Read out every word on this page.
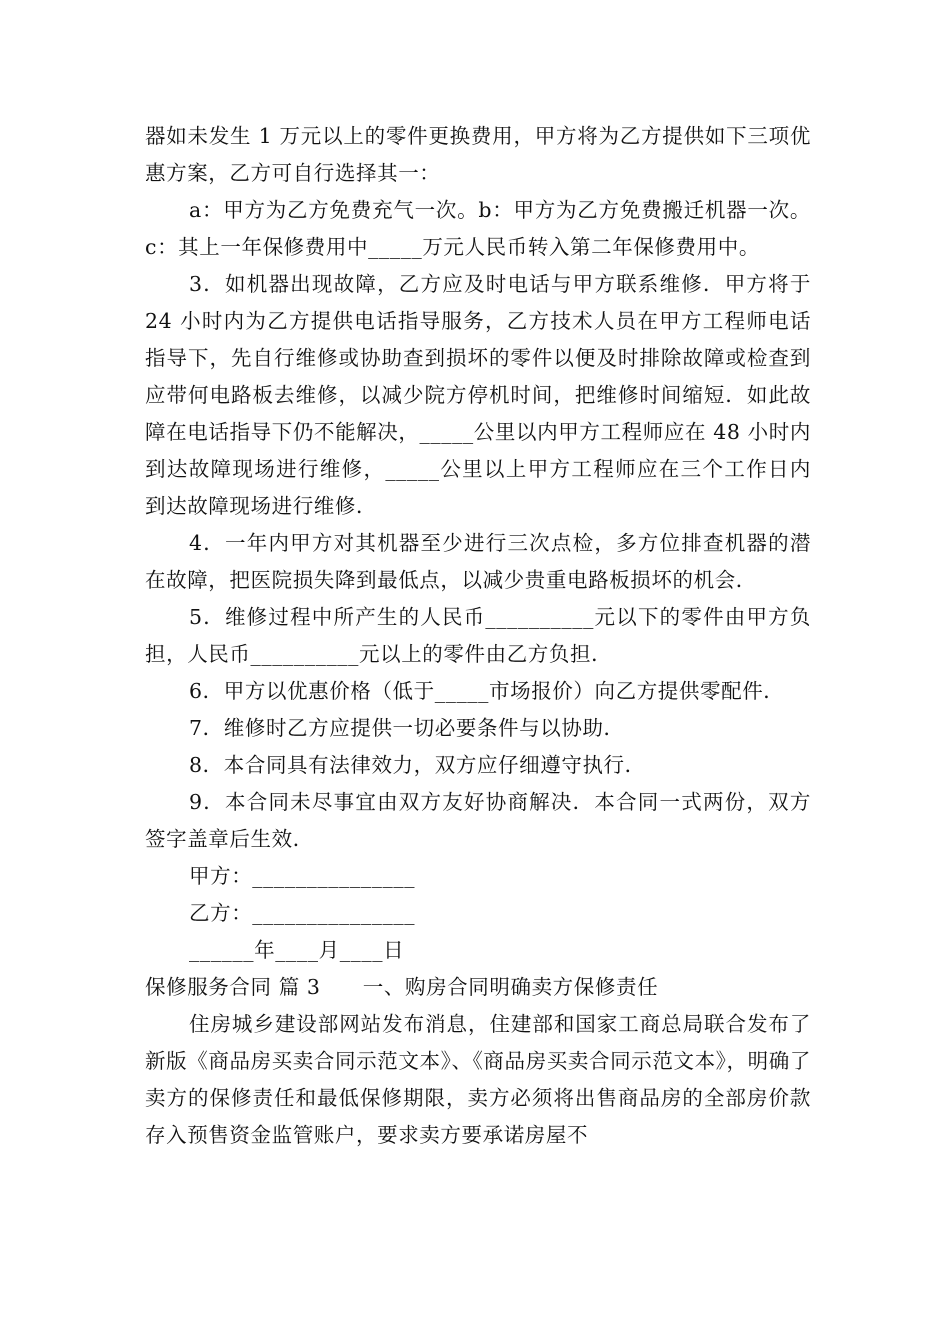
器如未发生 1 万元以上的零件更换费用，甲方将为乙方提供如下三项优惠方案，乙方可自行选择其一：

a：甲方为乙方免费充气一次。b：甲方为乙方免费搬迁机器一次。c：其上一年保修费用中_____万元人民币转入第二年保修费用中。

3．如机器出现故障，乙方应及时电话与甲方联系维修．甲方将于 24 小时内为乙方提供电话指导服务，乙方技术人员在甲方工程师电话指导下，先自行维修或协助查到损坏的零件以便及时排除故障或检查到应带何电路板去维修，以减少院方停机时间，把维修时间缩短．如此故障在电话指导下仍不能解决，_____公里以内甲方工程师应在 48 小时内到达故障现场进行维修，_____公里以上甲方工程师应在三个工作日内到达故障现场进行维修．

4．一年内甲方对其机器至少进行三次点检，多方位排查机器的潜在故障，把医院损失降到最低点，以减少贵重电路板损坏的机会．

5．维修过程中所产生的人民币__________元以下的零件由甲方负担，人民币__________元以上的零件由乙方负担．

6．甲方以优惠价格（低于_____市场报价）向乙方提供零配件．

7．维修时乙方应提供一切必要条件与以协助．

8．本合同具有法律效力，双方应仔细遵守执行．

9．本合同未尽事宜由双方友好协商解决．本合同一式两份，双方签字盖章后生效．

甲方：_______________

乙方：_______________

______年____月____日

保修服务合同 篇 3　　一、购房合同明确卖方保修责任

住房城乡建设部网站发布消息，住建部和国家工商总局联合发布了新版《商品房买卖合同示范文本》、《商品房买卖合同示范文本》，明确了卖方的保修责任和最低保修期限，卖方必须将出售商品房的全部房价款存入预售资金监管账户，要求卖方要承诺房屋不
